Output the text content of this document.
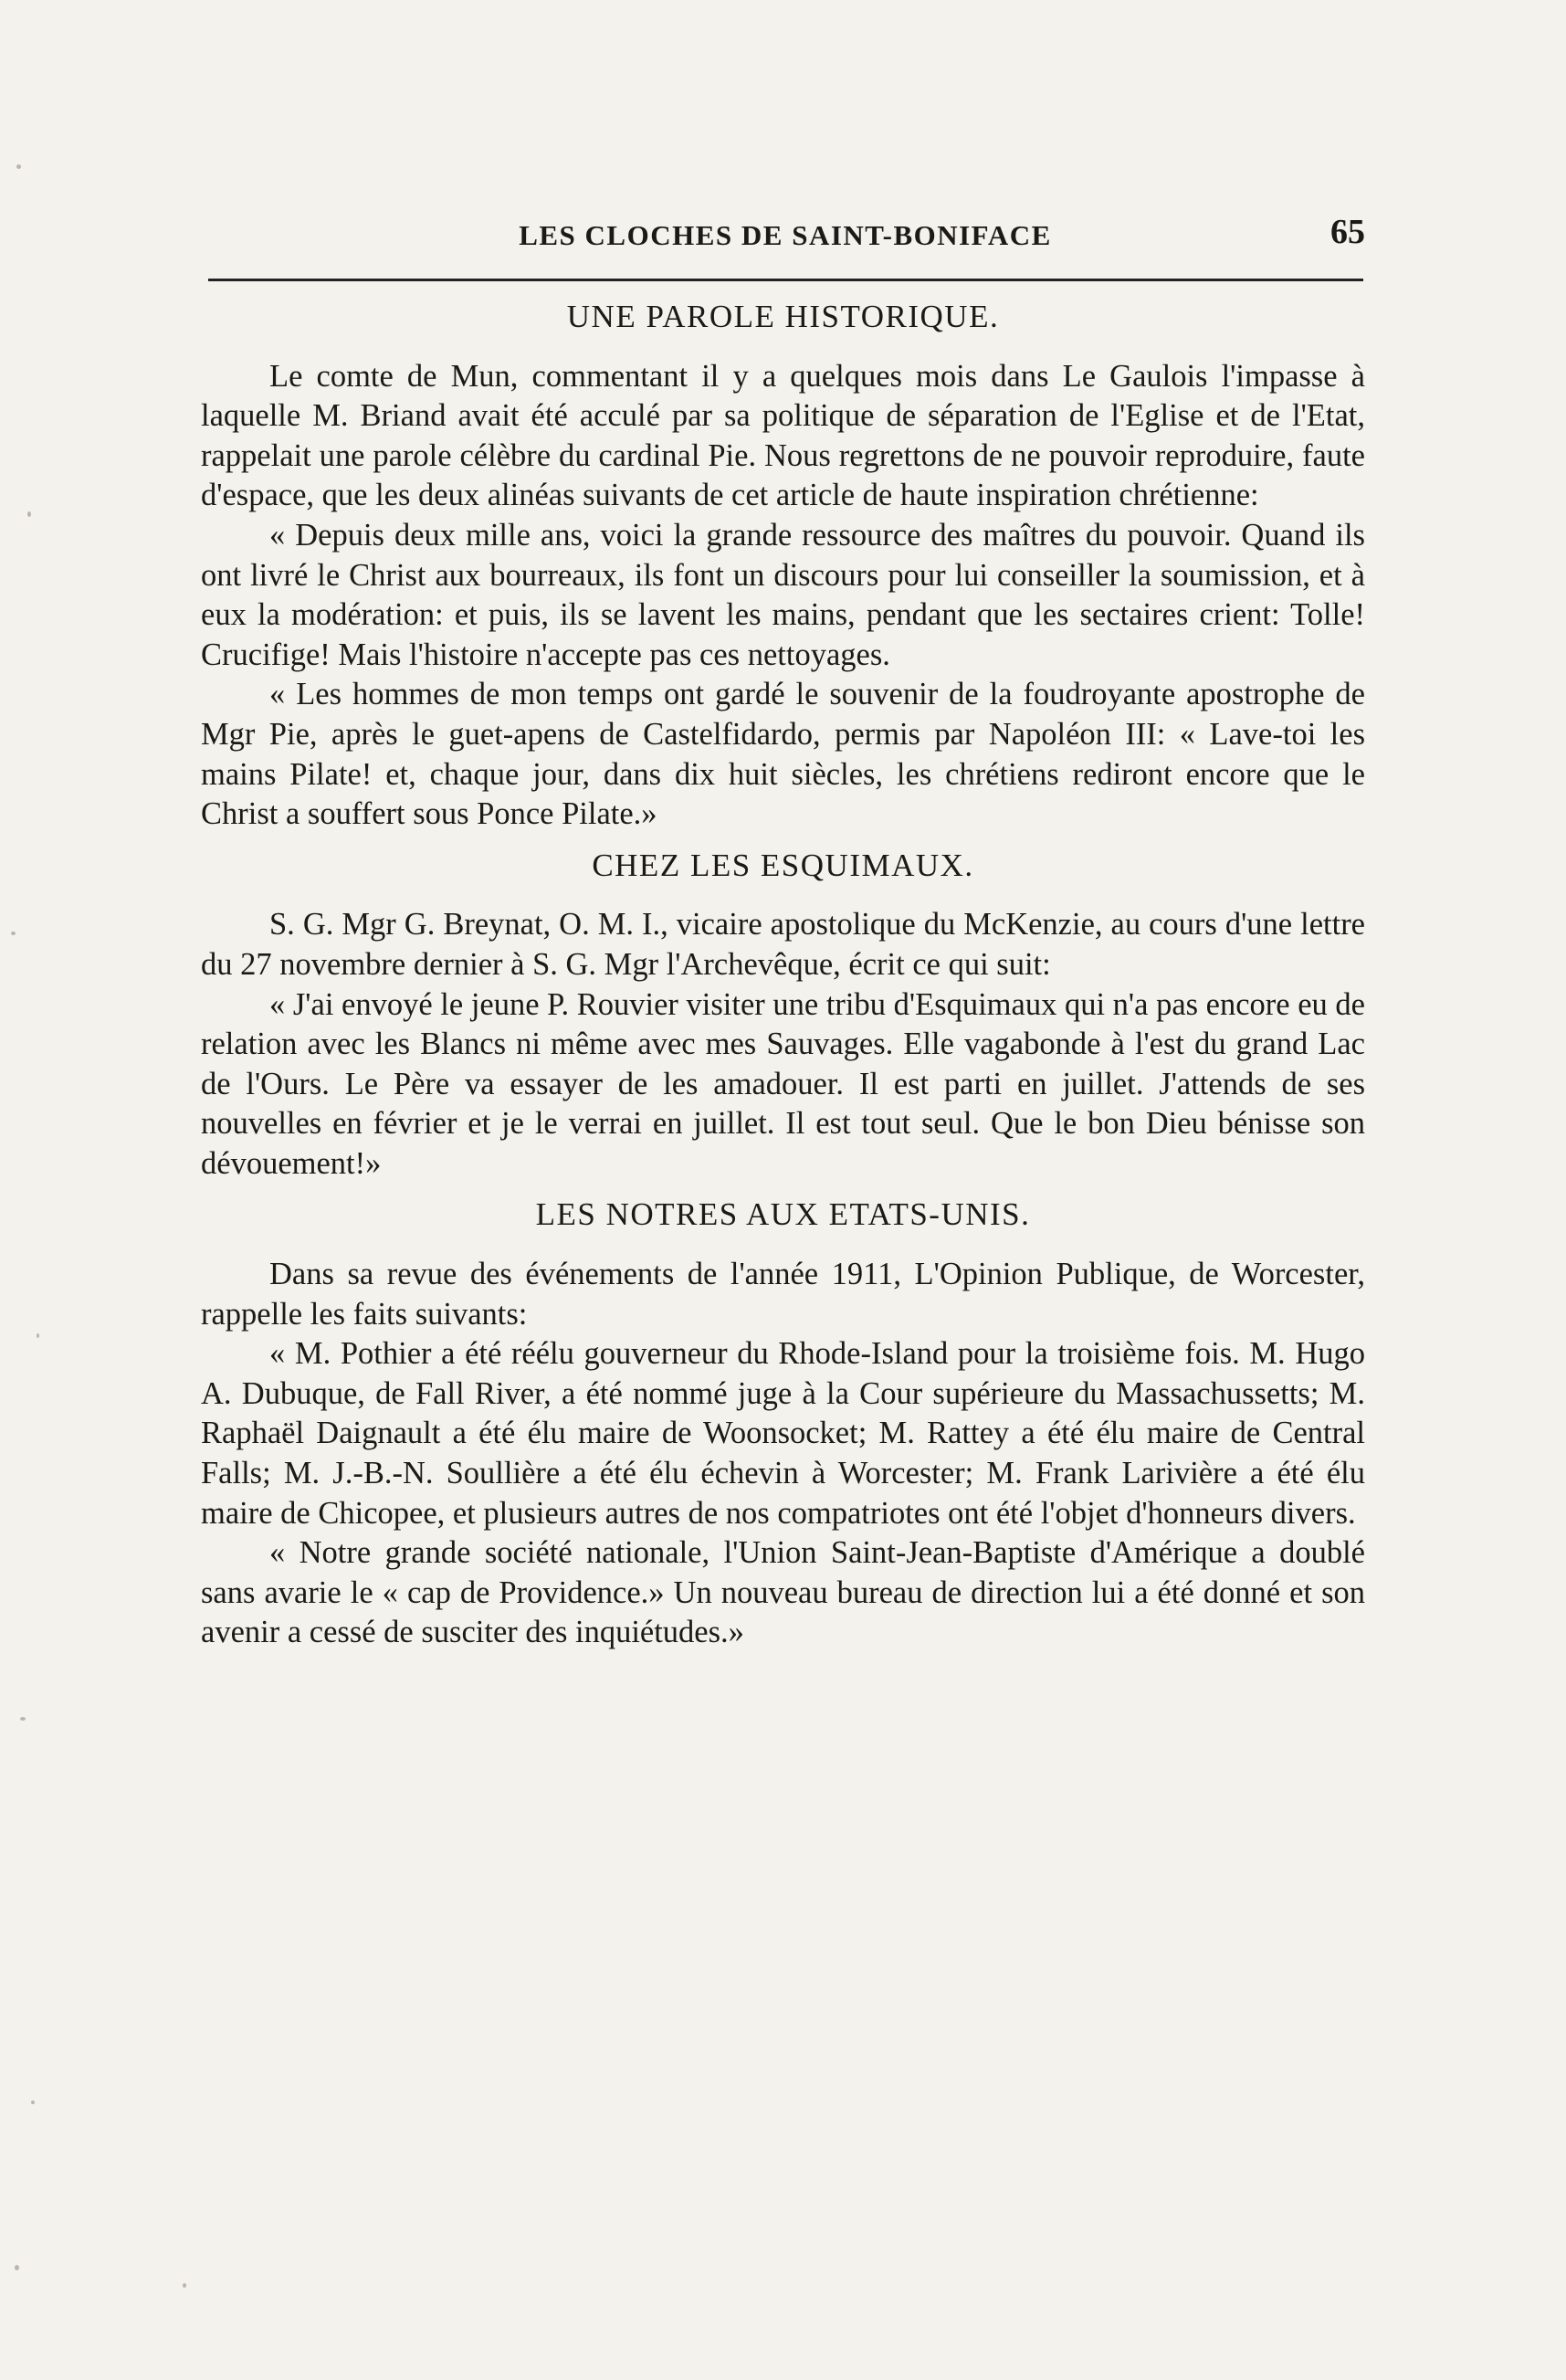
LES CLOCHES DE SAINT-BONIFACE	65
UNE PAROLE HISTORIQUE.

Le comte de Mun, commentant il y a quelques mois dans Le Gaulois l'impasse à laquelle M. Briand avait été acculé par sa politique de séparation de l'Eglise et de l'Etat, rappelait une parole célèbre du cardinal Pie. Nous regrettons de ne pouvoir reproduire, faute d'espace, que les deux alinéas suivants de cet article de haute inspiration chrétienne:

« Depuis deux mille ans, voici la grande ressource des maîtres du pouvoir. Quand ils ont livré le Christ aux bourreaux, ils font un discours pour lui conseiller la soumission, et à eux la modération: et puis, ils se lavent les mains, pendant que les sectaires crient: Tolle! Crucifige! Mais l'histoire n'accepte pas ces nettoyages.

« Les hommes de mon temps ont gardé le souvenir de la foudroyante apostrophe de Mgr Pie, après le guet-apens de Castelfidardo, permis par Napoléon III: « Lave-toi les mains Pilate! et, chaque jour, dans dix huit siècles, les chrétiens rediront encore que le Christ a souffert sous Ponce Pilate.»

CHEZ LES ESQUIMAUX.

S. G. Mgr G. Breynat, O. M. I., vicaire apostolique du McKenzie, au cours d'une lettre du 27 novembre dernier à S. G. Mgr l'Archevêque, écrit ce qui suit:

« J'ai envoyé le jeune P. Rouvier visiter une tribu d'Esquimaux qui n'a pas encore eu de relation avec les Blancs ni même avec mes Sauvages. Elle vagabonde à l'est du grand Lac de l'Ours. Le Père va essayer de les amadouer. Il est parti en juillet. J'attends de ses nouvelles en février et je le verrai en juillet. Il est tout seul. Que le bon Dieu bénisse son dévouement!»

LES NOTRES AUX ETATS-UNIS.

Dans sa revue des événements de l'année 1911, L'Opinion Publique, de Worcester, rappelle les faits suivants:

« M. Pothier a été réélu gouverneur du Rhode-Island pour la troisième fois. M. Hugo A. Dubuque, de Fall River, a été nommé juge à la Cour supérieure du Massachussetts; M. Raphaël Daignault a été élu maire de Woonsocket; M. Rattey a été élu maire de Central Falls; M. J.-B.-N. Soullière a été élu échevin à Worcester; M. Frank Larivière a été élu maire de Chicopee, et plusieurs autres de nos compatriotes ont été l'objet d'honneurs divers.

« Notre grande société nationale, l'Union Saint-Jean-Baptiste d'Amérique a doublé sans avarie le « cap de Providence.» Un nouveau bureau de direction lui a été donné et son avenir a cessé de susciter des inquiétudes.»
